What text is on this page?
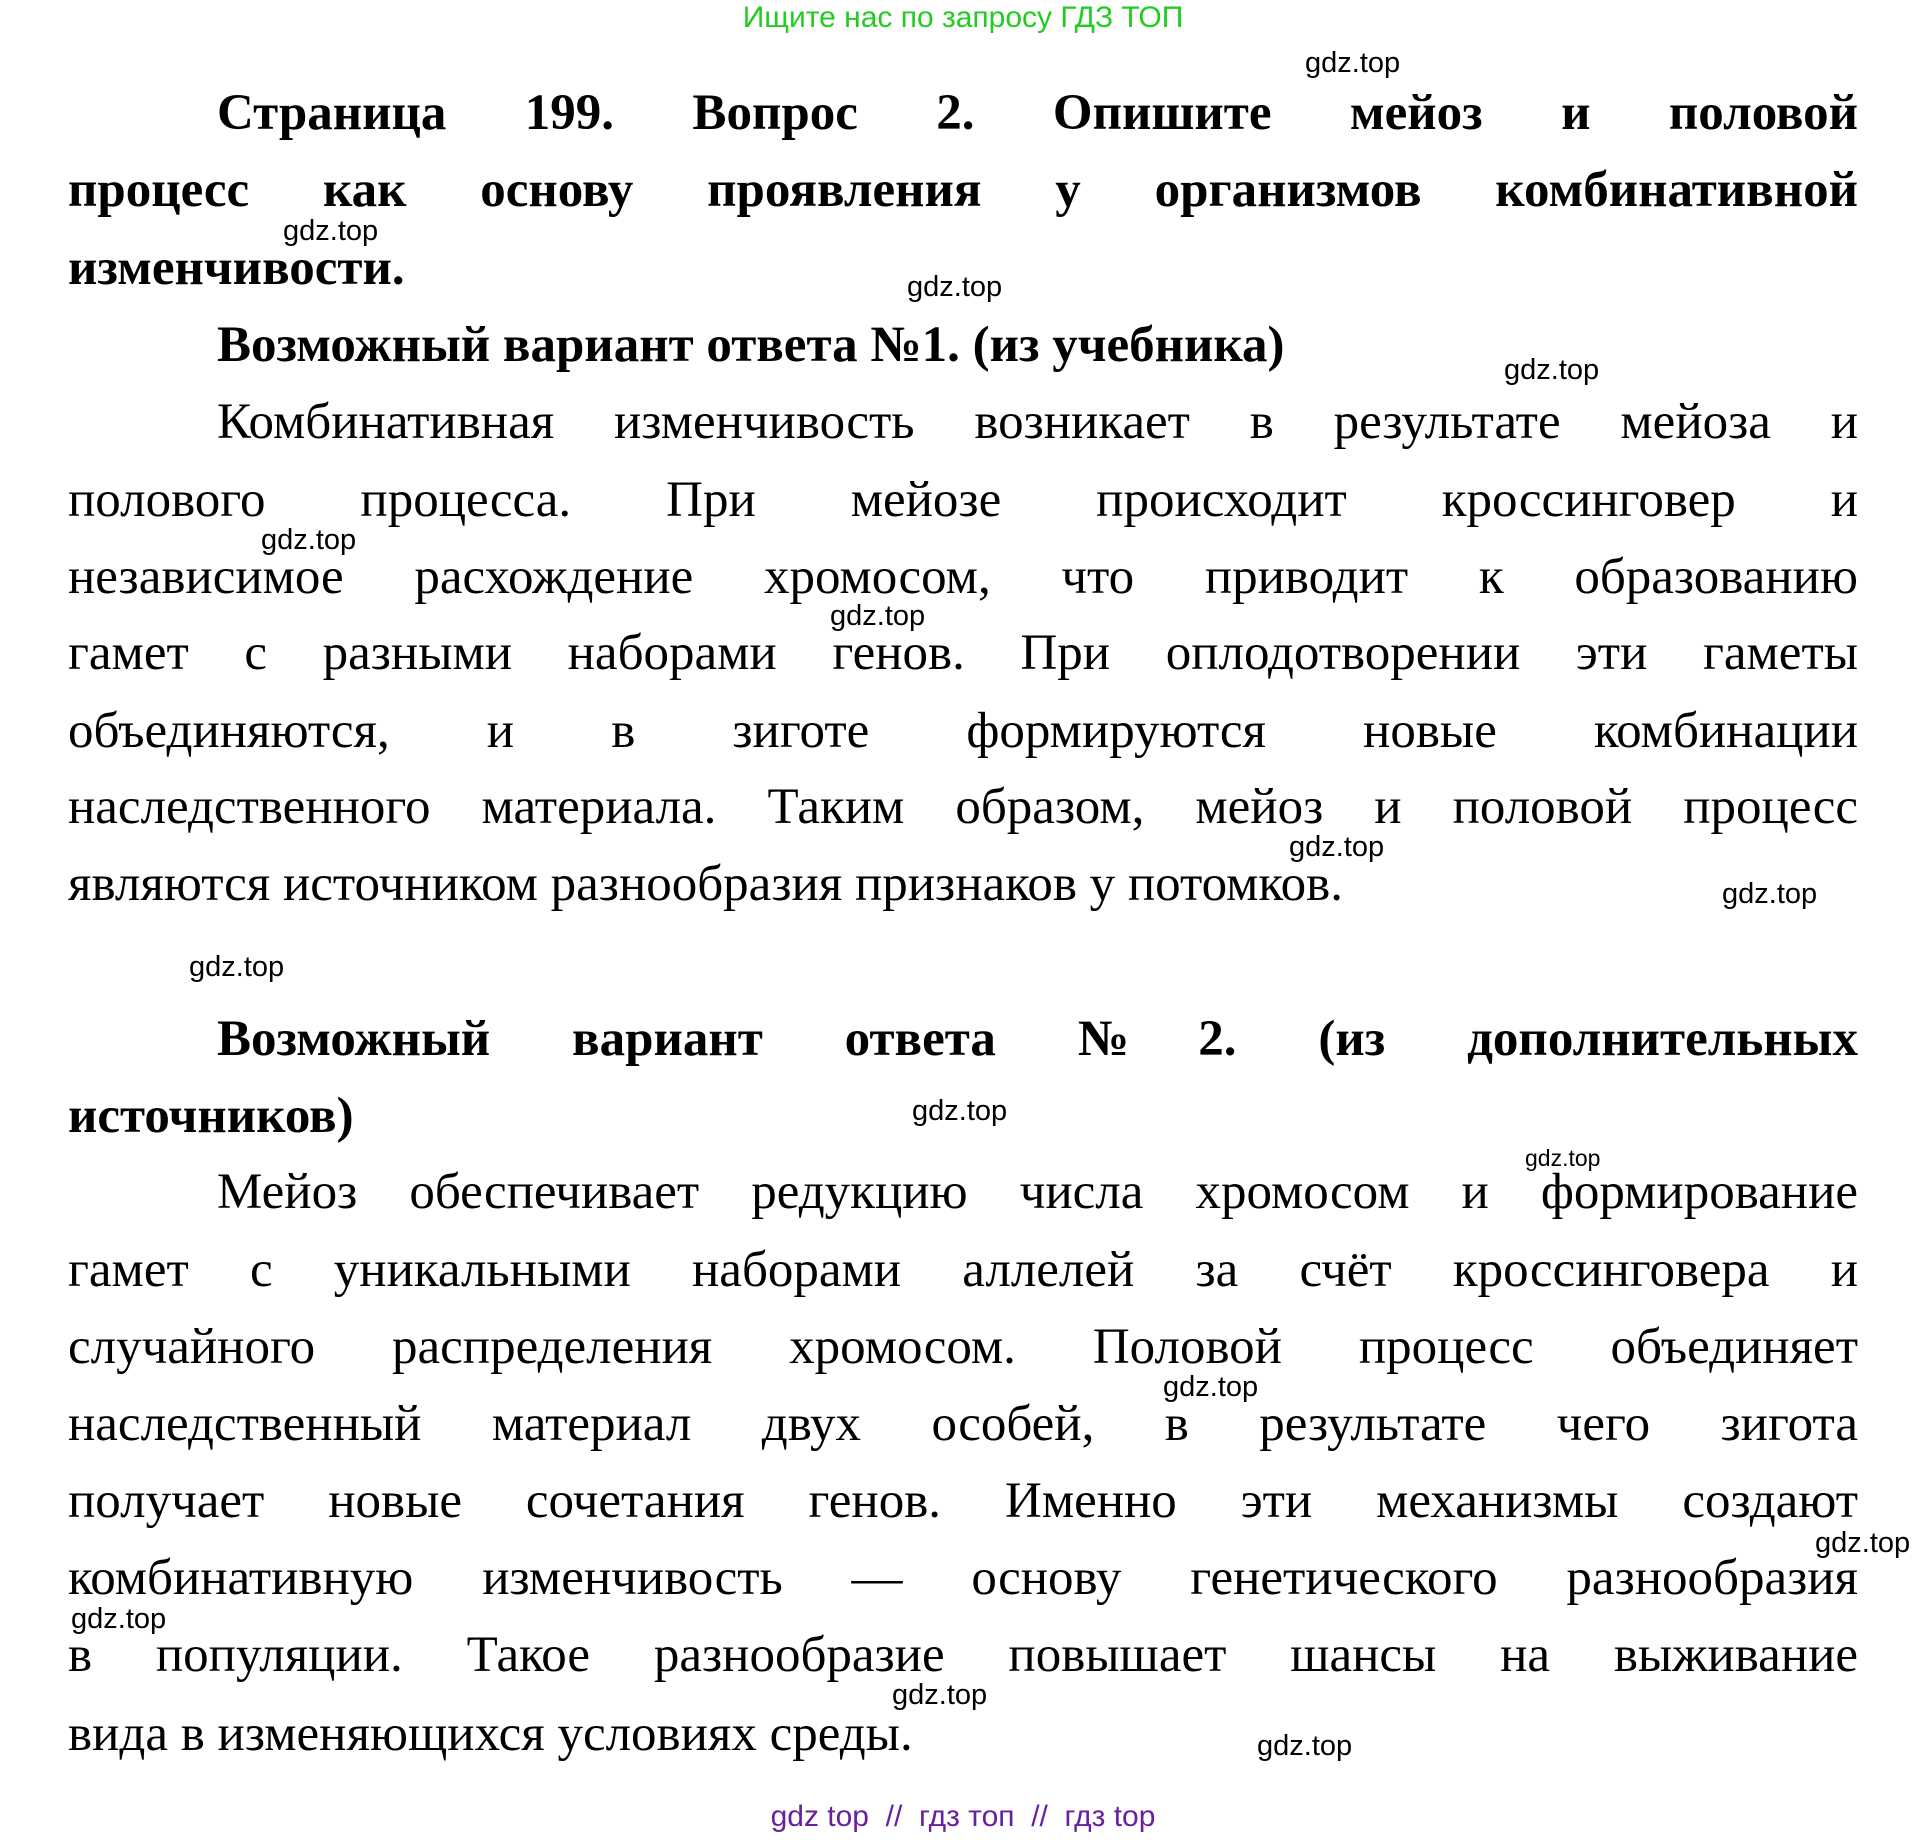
Ищите нас по запросу ГДЗ ТОП
Страница 199. Вопрос 2. Опишите мейоз и половой
процесс как основу проявления у организмов комбинативной
изменчивости.
Возможный вариант ответа №1. (из учебника)
Комбинативная изменчивость возникает в результате мейоза и
полового процесса. При мейозе происходит кроссинговер и
независимое расхождение хромосом, что приводит к образованию
гамет с разными наборами генов. При оплодотворении эти гаметы
объединяются, и в зиготе формируются новые комбинации
наследственного материала. Таким образом, мейоз и половой процесс
являются источником разнообразия признаков у потомков.
Возможный вариант ответа №2. (из дополнительных
источников)
Мейоз обеспечивает редукцию числа хромосом и формирование
гамет с уникальными наборами аллелей за счёт кроссинговера и
случайного распределения хромосом. Половой процесс объединяет
наследственный материал двух особей, в результате чего зигота
получает новые сочетания генов. Именно эти механизмы создают
комбинативную изменчивость — основу генетического разнообразия
в популяции. Такое разнообразие повышает шансы на выживание
вида в изменяющихся условиях среды.
gdz.top
gdz.top
gdz.top
gdz.top
gdz.top
gdz.top
gdz.top
gdz.top
gdz.top
gdz.top
gdz.top
gdz.top
gdz.top
gdz.top
gdz.top
gdz.top
gdz top  //  гдз топ  //  гдз top
